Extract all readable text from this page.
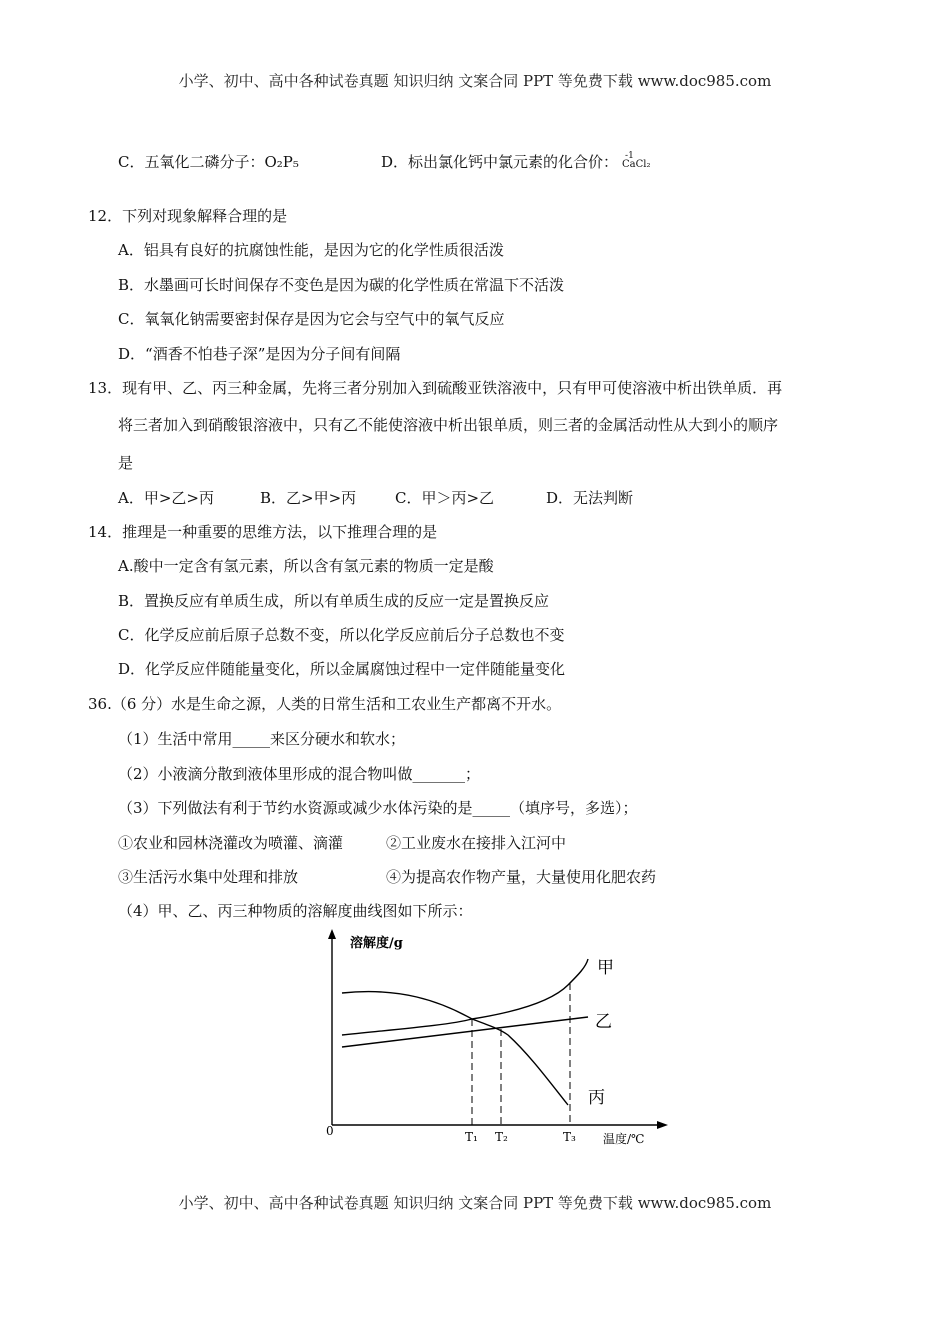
小学、初中、高中各种试卷真题 知识归纳 文案合同 PPT 等免费下载 www.doc985.com
C．五氧化二磷分子：O₂P₅	D．标出氯化钙中氯元素的化合价： -1
CaCl₂
12．下列对现象解释合理的是
A．铝具有良好的抗腐蚀性能，是因为它的化学性质很活泼
B．水墨画可长时间保存不变色是因为碳的化学性质在常温下不活泼
C．氧氧化钠需要密封保存是因为它会与空气中的氧气反应
D．“酒香不怕巷子深”是因为分子间有间隔
13．现有甲、乙、丙三种金属，先将三者分别加入到硫酸亚铁溶液中，只有甲可使溶液中析出铁单质．再
将三者加入到硝酸银溶液中，只有乙不能使溶液中析出银单质，则三者的金属活动性从大到小的顺序
是
A．甲>乙>丙	B．乙>甲>丙	C．甲＞丙>乙	D．无法判断
14．推理是一种重要的思维方法，以下推理合理的是
A.酸中一定含有氢元素，所以含有氢元素的物质一定是酸
B．置换反应有单质生成，所以有单质生成的反应一定是置换反应
C．化学反应前后原子总数不变，所以化学反应前后分子总数也不变
D．化学反应伴随能量变化，所以金属腐蚀过程中一定伴随能量变化
36.（6 分）水是生命之源，人类的日常生活和工农业生产都离不开水。
（1）生活中常用_____来区分硬水和软水；
（2）小液滴分散到液体里形成的混合物叫做_______；
（3）下列做法有利于节约水资源或减少水体污染的是_____（填序号，多选）；
①农业和园林浇灌改为喷灌、滴灌	②工业废水在接排入江河中
③生活污水集中处理和排放	④为提高农作物产量，大量使用化肥农药
（4）甲、乙、丙三种物质的溶解度曲线图如下所示：
溶解度/g
温度/℃
0
甲
乙
丙
T₁ T₂	T₃
小学、初中、高中各种试卷真题 知识归纳 文案合同 PPT 等免费下载 www.doc985.com
